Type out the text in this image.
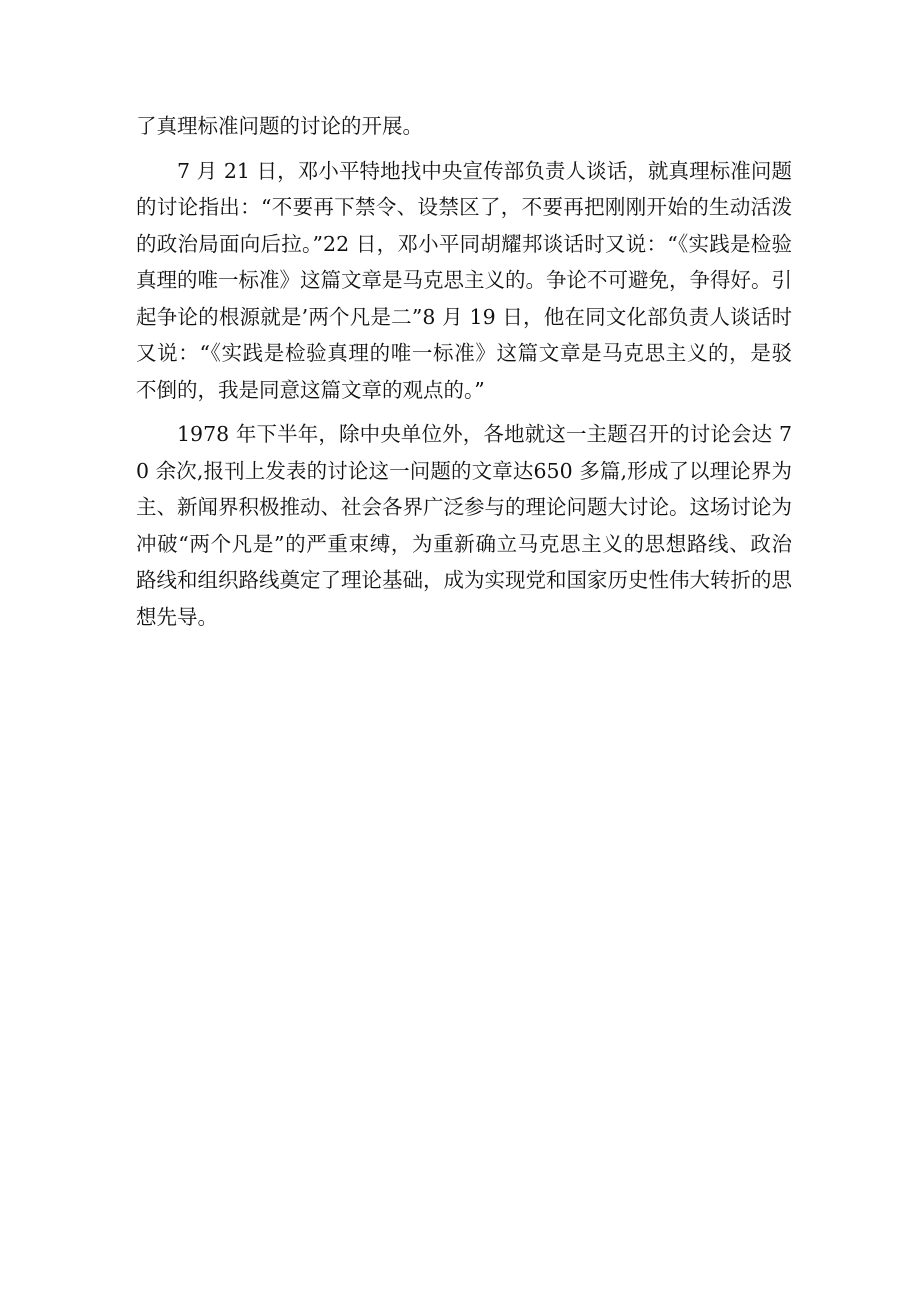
了真理标准问题的讨论的开展。

7 月 21 日，邓小平特地找中央宣传部负责人谈话，就真理标准问题的讨论指出：“不要再下禁令、设禁区了，不要再把刚刚开始的生动活泼的政治局面向后拉。”22 日，邓小平同胡耀邦谈话时又说：“《实践是检验真理的唯一标准》这篇文章是马克思主义的。争论不可避免，争得好。引起争论的根源就是’两个凡是二”8 月 19 日，他在同文化部负责人谈话时又说：“《实践是检验真理的唯一标准》这篇文章是马克思主义的，是驳不倒的，我是同意这篇文章的观点的。”

1978 年下半年，除中央单位外，各地就这一主题召开的讨论会达 70 余次,报刊上发表的讨论这一问题的文章达650 多篇,形成了以理论界为主、新闻界积极推动、社会各界广泛参与的理论问题大讨论。这场讨论为冲破“两个凡是”的严重束缚，为重新确立马克思主义的思想路线、政治路线和组织路线奠定了理论基础，成为实现党和国家历史性伟大转折的思想先导。
